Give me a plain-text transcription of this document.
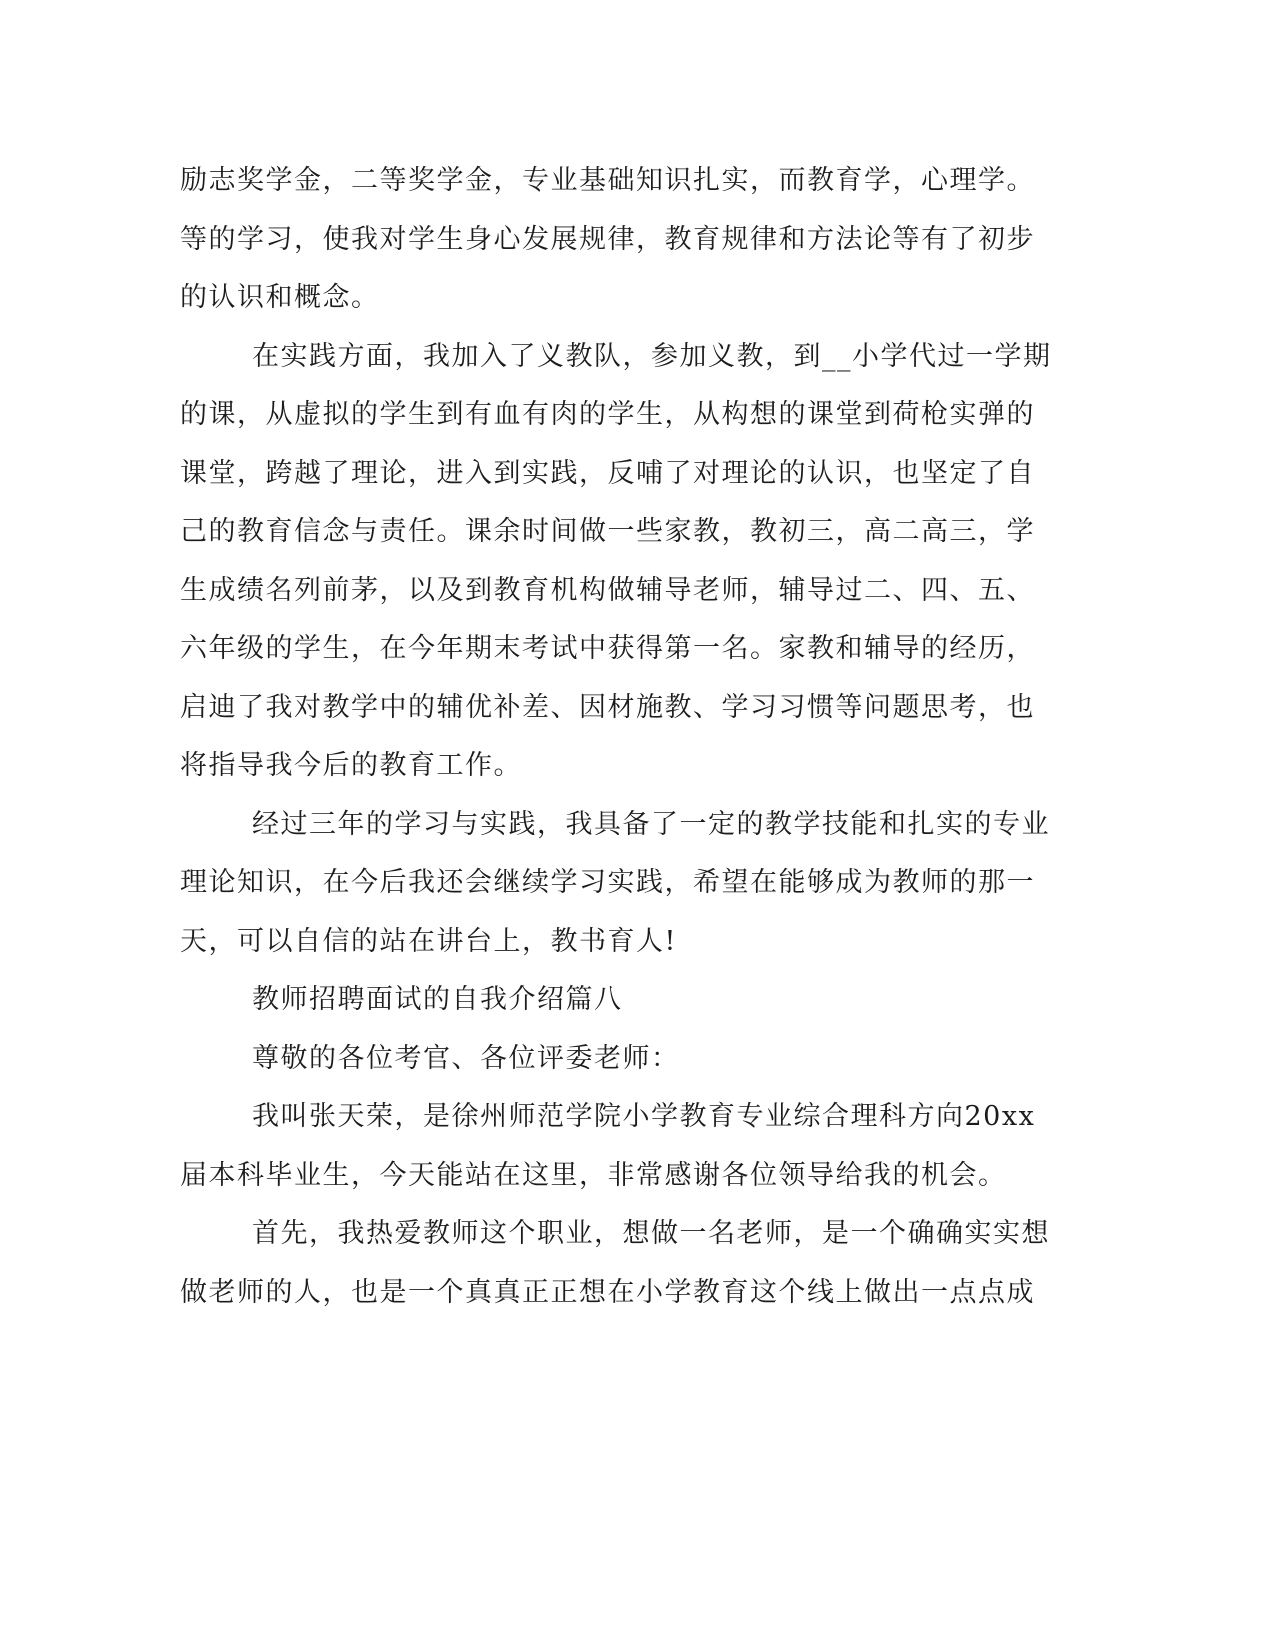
励志奖学金，二等奖学金，专业基础知识扎实，而教育学，心理学。
等的学习，使我对学生身心发展规律，教育规律和方法论等有了初步
的认识和概念。
在实践方面，我加入了义教队，参加义教，到__小学代过一学期
的课，从虚拟的学生到有血有肉的学生，从构想的课堂到荷枪实弹的
课堂，跨越了理论，进入到实践，反哺了对理论的认识，也坚定了自
己的教育信念与责任。课余时间做一些家教，教初三，高二高三，学
生成绩名列前茅，以及到教育机构做辅导老师，辅导过二、四、五、
六年级的学生，在今年期末考试中获得第一名。家教和辅导的经历，
启迪了我对教学中的辅优补差、因材施教、学习习惯等问题思考，也
将指导我今后的教育工作。
经过三年的学习与实践，我具备了一定的教学技能和扎实的专业
理论知识，在今后我还会继续学习实践，希望在能够成为教师的那一
天，可以自信的站在讲台上，教书育人!
教师招聘面试的自我介绍篇八
尊敬的各位考官、各位评委老师：
我叫张天荣，是徐州师范学院小学教育专业综合理科方向20xx
届本科毕业生，今天能站在这里，非常感谢各位领导给我的机会。
首先，我热爱教师这个职业，想做一名老师，是一个确确实实想
做老师的人，也是一个真真正正想在小学教育这个线上做出一点点成
